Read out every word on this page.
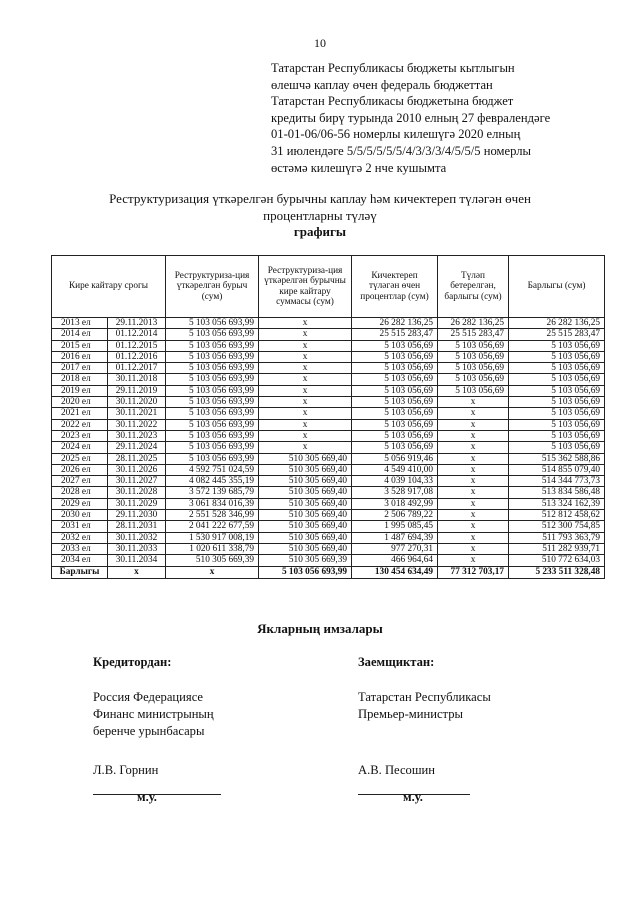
10
Татарстан Республикасы бюджеты кытлыгын
өлешчә каплау өчен федераль бюджеттан
Татарстан Республикасы бюджетына бюджет
кредиты бирү турында 2010 елның 27 февралендәге
01-01-06/06-56 номерлы килешүгә 2020 елның
31 июлендәге 5/5/5/5/5/5/4/3/3/3/4/5/5/5 номерлы
өстәмә килешүгә 2 нче кушымта
Реструктуризация үткәрелгән бурычны каплау һәм кичектереп түләгән өчен
процентларны түләү
графигы
Кире кайтару срогы		Реструктуриза-ция үткәрелгән бурыч (сум)	Реструктуриза-ция үткәрелгән бурычны кире кайтару суммасы (сум)	Кичектереп түләгән өчен процентлар (сум)	Түләп бетерелгән, барлыгы (сум)	Барлыгы (сум)
2013 ел	29.11.2013	5 103 056 693,99	x	26 282 136,25	26 282 136,25	26 282 136,25
2014 ел	01.12.2014	5 103 056 693,99	x	25 515 283,47	25 515 283,47	25 515 283,47
2015 ел	01.12.2015	5 103 056 693,99	x	5 103 056,69	5 103 056,69	5 103 056,69
2016 ел	01.12.2016	5 103 056 693,99	x	5 103 056,69	5 103 056,69	5 103 056,69
2017 ел	01.12.2017	5 103 056 693,99	x	5 103 056,69	5 103 056,69	5 103 056,69
2018 ел	30.11.2018	5 103 056 693,99	x	5 103 056,69	5 103 056,69	5 103 056,69
2019 ел	29.11.2019	5 103 056 693,99	x	5 103 056,69	5 103 056,69	5 103 056,69
2020 ел	30.11.2020	5 103 056 693,99	x	5 103 056,69	x	5 103 056,69
2021 ел	30.11.2021	5 103 056 693,99	x	5 103 056,69	x	5 103 056,69
2022 ел	30.11.2022	5 103 056 693,99	x	5 103 056,69	x	5 103 056,69
2023 ел	30.11.2023	5 103 056 693,99	x	5 103 056,69	x	5 103 056,69
2024 ел	29.11.2024	5 103 056 693,99	x	5 103 056,69	x	5 103 056,69
2025 ел	28.11.2025	5 103 056 693,99	510 305 669,40	5 056 919,46	x	515 362 588,86
2026 ел	30.11.2026	4 592 751 024,59	510 305 669,40	4 549 410,00	x	514 855 079,40
2027 ел	30.11.2027	4 082 445 355,19	510 305 669,40	4 039 104,33	x	514 344 773,73
2028 ел	30.11.2028	3 572 139 685,79	510 305 669,40	3 528 917,08	x	513 834 586,48
2029 ел	30.11.2029	3 061 834 016,39	510 305 669,40	3 018 492,99	x	513 324 162,39
2030 ел	29.11.2030	2 551 528 346,99	510 305 669,40	2 506 789,22	x	512 812 458,62
2031 ел	28.11.2031	2 041 222 677,59	510 305 669,40	1 995 085,45	x	512 300 754,85
2032 ел	30.11.2032	1 530 917 008,19	510 305 669,40	1 487 694,39	x	511 793 363,79
2033 ел	30.11.2033	1 020 611 338,79	510 305 669,40	977 270,31	x	511 282 939,71
2034 ел	30.11.2034	510 305 669,39	510 305 669,39	466 964,64	x	510 772 634,03
Барлыгы	x	x	5 103 056 693,99	130 454 634,49	77 312 703,17	5 233 511 328,48
Якларның имзалары
Кредитордан:
Россия Федерациясе
Финанс министрының
беренче урынбасары
Л.В. Горнин
Заемщиктан:
Татарстан Республикасы
Премьер-министры
А.В. Песошин
м.у.	м.у.
